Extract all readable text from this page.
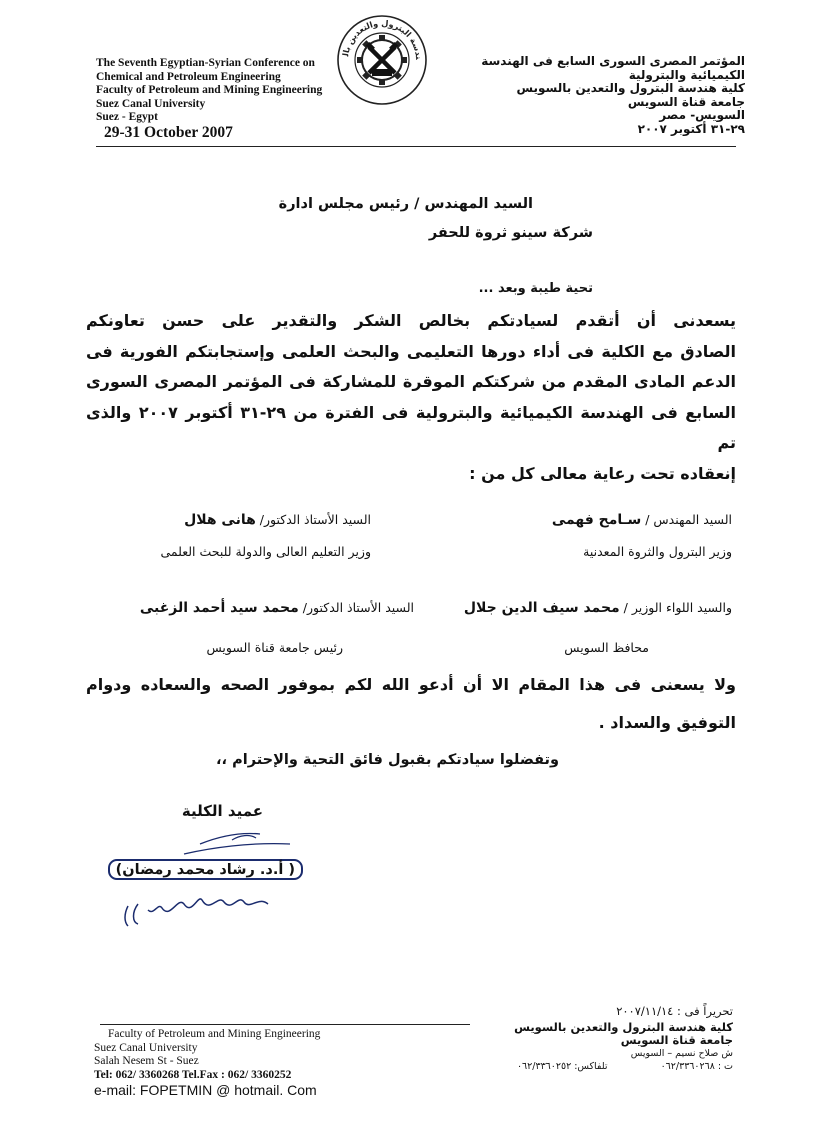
The Seventh Egyptian-Syrian Conference on
Chemical and Petroleum Engineering
Faculty of Petroleum and Mining Engineering
Suez Canal University
Suez - Egypt
29-31 October 2007
ندسة البترول والتعدين بال	المؤتمر المصرى السورى السابع فى الهندسة
الكيميائية والبترولية
كلية هندسة البترول والتعدين بالسويس
جامعة قناة السويس
السويس- مصر
٢٩-٣١ أكتوبر ٢٠٠٧
السيد المهندس / رئيس مجلس ادارة
شركة سينو ثروة للحفر
تحية طيبة وبعد ...
يسعدنى أن أتقدم لسيادتكم بخالص الشكر والتقدير على حسن تعاونكم
الصادق مع الكلية فى أداء دورها التعليمى والبحث العلمى وإستجابتكم الفورية فى
الدعم المادى المقدم من شركتكم الموقرة للمشاركة فى المؤتمر المصرى السورى
السابع فى الهندسة الكيميائية والبترولية فى الفترة من ٢٩-٣١ أكتوبر ٢٠٠٧ والذى تم
إنعقاده تحت رعاية معالى كل من :
السيد المهندس / سـامح فهمى
السيد الأستاذ الدكتور/ هانى هلال
وزير البترول والثروة المعدنية
وزير التعليم العالى والدولة للبحث العلمى
والسيد اللواء الوزير / محمد سيف الدين جلال
السيد الأستاذ الدكتور/ محمد سيد أحمد الزغبى
محافظ السويس
رئيس جامعة قناة السويس
ولا يسعنى فى هذا المقام الا أن أدعو الله لكم بموفور الصحه والسعاده ودوام
التوفيق والسداد .
وتفضلوا سيادتكم بقبول فائق التحية والإحترام ،،
عميد الكلية
( أ.د. رشاد محمد رمضان)
تحريراً فى : ٢٠٠٧/١١/١٤
كلية هندسة البترول والتعدين بالسويس
جامعة قناة السويس
ش صلاح نسيم – السويس
ت : ٠٦٢/٣٣٦٠٢٦٨ تلفاكس: ٠٦٢/٣٣٦٠٢٥٢
Faculty of Petroleum and Mining Engineering
Suez Canal University
Salah Nesem St - Suez
Tel: 062/ 3360268 Tel.Fax : 062/ 3360252
e-mail: FOPETMIN @ hotmail. Com
